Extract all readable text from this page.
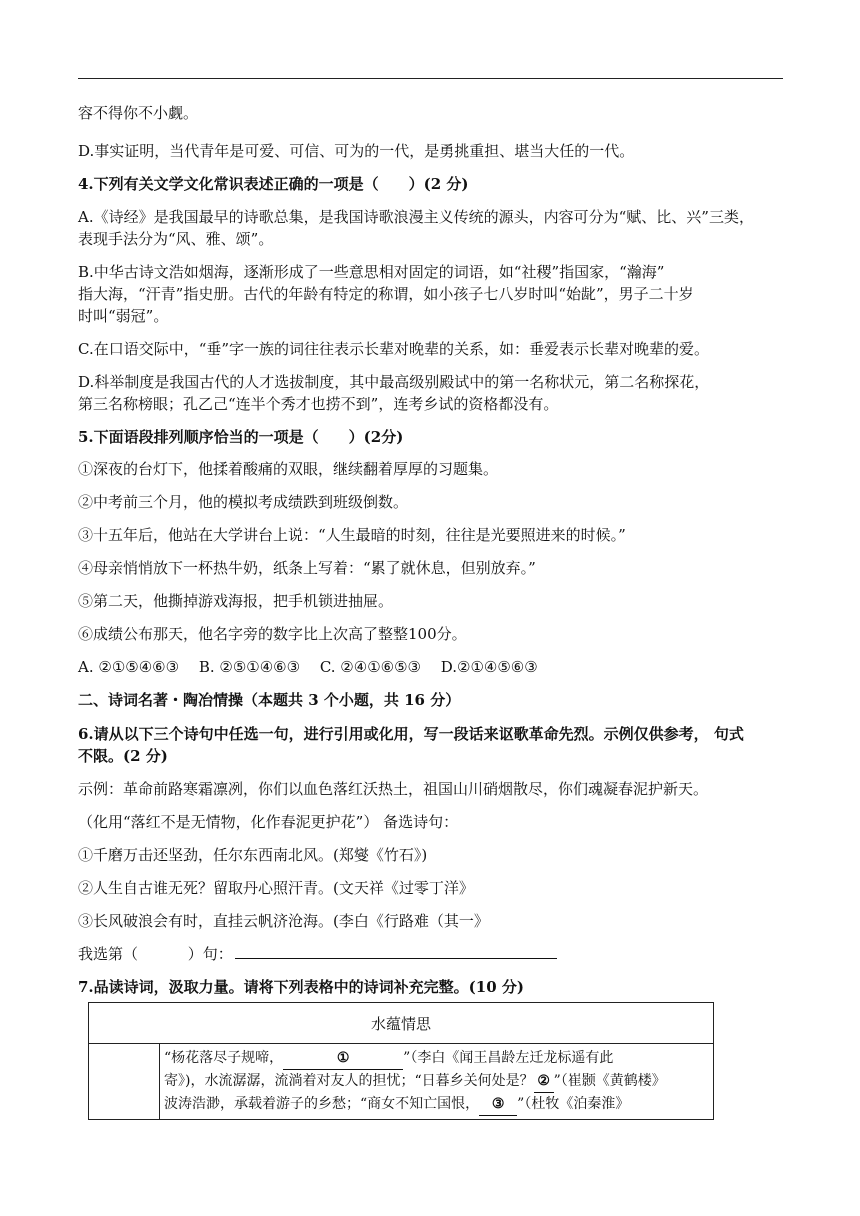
容不得你不小觑。
D.事实证明，当代青年是可爱、可信、可为的一代，是勇挑重担、堪当大任的一代。
4.下列有关文学文化常识表述正确的一项是（　　）(2 分)
A.《诗经》是我国最早的诗歌总集，是我国诗歌浪漫主义传统的源头，内容可分为“赋、比、兴”三类，
表现手法分为“风、雅、颂”。
B.中华古诗文浩如烟海，逐渐形成了一些意思相对固定的词语，如“社稷”指国家，“瀚海”
指大海，“汗青”指史册。古代的年龄有特定的称谓，如小孩子七八岁时叫“始龀”，男子二十岁
时叫“弱冠”。
C.在口语交际中，“垂”字一族的词往往表示长辈对晚辈的关系，如：垂爱表示长辈对晚辈的爱。
D.科举制度是我国古代的人才选拔制度，其中最高级别殿试中的第一名称状元，第二名称探花，
第三名称榜眼；孔乙己“连半个秀才也捞不到”，连考乡试的资格都没有。
5.下面语段排列顺序恰当的一项是（　　）(2分)
①深夜的台灯下，他揉着酸痛的双眼，继续翻着厚厚的习题集。
②中考前三个月，他的模拟考成绩跌到班级倒数。
③十五年后，他站在大学讲台上说：“人生最暗的时刻，往往是光要照进来的时候。”
④母亲悄悄放下一杯热牛奶，纸条上写着：“累了就休息，但别放弃。”
⑤第二天，他撕掉游戏海报，把手机锁进抽屉。
⑥成绩公布那天，他名字旁的数字比上次高了整整100分。
A. ②①⑤④⑥③　 B. ②⑤①④⑥③　 C. ②④①⑥⑤③　 D.②①④⑤⑥③
二、诗词名著・陶冶情操（本题共 3 个小题，共 16 分）
6.请从以下三个诗句中任选一句，进行引用或化用，写一段话来讴歌革命先烈。示例仅供参考， 句式
不限。(2 分)
示例：革命前路寒霜凛冽，你们以血色落红沃热土，祖国山川硝烟散尽，你们魂凝春泥护新天。
（化用“落红不是无情物，化作春泥更护花”） 备选诗句：
①千磨万击还坚劲，任尔东西南北风。(郑燮《竹石》)
②人生自古谁无死？留取丹心照汗青。(文天祥《过零丁洋》
③长风破浪会有时，直挂云帆济沧海。(李白《行路难（其一》
我选第（　　　 ）句：
7.品读诗词，汲取力量。请将下列表格中的诗词补充完整。(10 分)
水蕴情思

“杨花落尽子规啼，	①	”（李白《闻王昌龄左迁龙标遥有此
寄》)，水流潺潺，流淌着对友人的担忧；“日暮乡关何处是？ ② ”（崔颢《黄鹤楼》
波涛浩渺，承载着游子的乡愁；“商女不知亡国恨， ③ ”（杜牧《泊秦淮》
